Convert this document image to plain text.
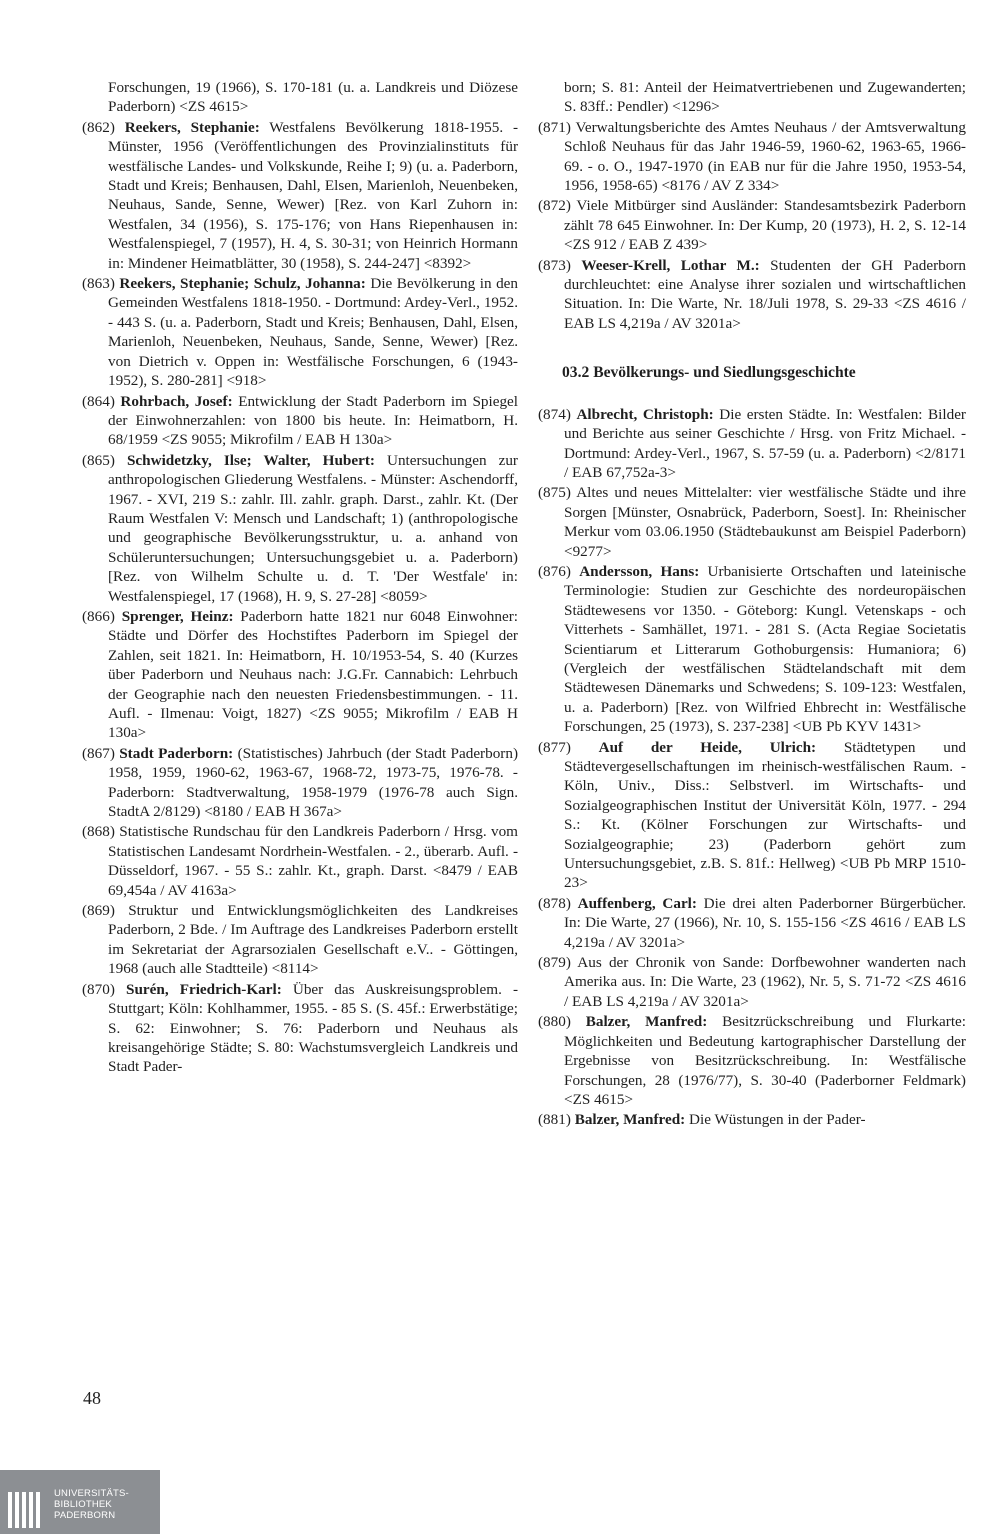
Forschungen, 19 (1966), S. 170-181 (u. a. Landkreis und Diözese Paderborn) <ZS 4615>

(862) Reekers, Stephanie: Westfalens Bevölkerung 1818-1955. - Münster, 1956 (Veröffentlichungen des Provinzialinstituts für westfälische Landes- und Volkskunde, Reihe I; 9) (u. a. Paderborn, Stadt und Kreis; Benhausen, Dahl, Elsen, Marienloh, Neuenbeken, Neuhaus, Sande, Senne, Wewer) [Rez. von Karl Zuhorn in: Westfalen, 34 (1956), S. 175-176; von Hans Riepenhausen in: Westfalenspiegel, 7 (1957), H. 4, S. 30-31; von Heinrich Hormann in: Mindener Heimatblätter, 30 (1958), S. 244-247] <8392>

(863) Reekers, Stephanie; Schulz, Johanna: Die Bevölkerung in den Gemeinden Westfalens 1818-1950. - Dortmund: Ardey-Verl., 1952. - 443 S. (u. a. Paderborn, Stadt und Kreis; Benhausen, Dahl, Elsen, Marienloh, Neuenbeken, Neuhaus, Sande, Senne, Wewer) [Rez. von Dietrich v. Oppen in: Westfälische Forschungen, 6 (1943-1952), S. 280-281] <918>

(864) Rohrbach, Josef: Entwicklung der Stadt Paderborn im Spiegel der Einwohnerzahlen: von 1800 bis heute. In: Heimatborn, H. 68/1959 <ZS 9055; Mikrofilm / EAB H 130a>

(865) Schwidetzky, Ilse; Walter, Hubert: Untersuchungen zur anthropologischen Gliederung Westfalens. - Münster: Aschendorff, 1967. - XVI, 219 S.: zahlr. Ill. zahlr. graph. Darst., zahlr. Kt. (Der Raum Westfalen V: Mensch und Landschaft; 1) (anthropologische und geographische Bevölkerungsstruktur, u. a. anhand von Schüleruntersuchungen; Untersuchungsgebiet u. a. Paderborn) [Rez. von Wilhelm Schulte u. d. T. 'Der Westfale' in: Westfalenspiegel, 17 (1968), H. 9, S. 27-28] <8059>

(866) Sprenger, Heinz: Paderborn hatte 1821 nur 6048 Einwohner: Städte und Dörfer des Hochstiftes Paderborn im Spiegel der Zahlen, seit 1821. In: Heimatborn, H. 10/1953-54, S. 40 (Kurzes über Paderborn und Neuhaus nach: J.G.Fr. Cannabich: Lehrbuch der Geographie nach den neuesten Friedensbestimmungen. - 11. Aufl. - Ilmenau: Voigt, 1827) <ZS 9055; Mikrofilm / EAB H 130a>

(867) Stadt Paderborn: (Statistisches) Jahrbuch (der Stadt Paderborn) 1958, 1959, 1960-62, 1963-67, 1968-72, 1973-75, 1976-78. - Paderborn: Stadtverwaltung, 1958-1979 (1976-78 auch Sign. StadtA 2/8129) <8180 / EAB H 367a>

(868) Statistische Rundschau für den Landkreis Paderborn / Hrsg. vom Statistischen Landesamt Nordrhein-Westfalen. - 2., überarb. Aufl. - Düsseldorf, 1967. - 55 S.: zahlr. Kt., graph. Darst. <8479 / EAB 69,454a / AV 4163a>

(869) Struktur und Entwicklungsmöglichkeiten des Landkreises Paderborn, 2 Bde. / Im Auftrage des Landkreises Paderborn erstellt im Sekretariat der Agrarsozialen Gesellschaft e.V.. - Göttingen, 1968 (auch alle Stadtteile) <8114>

(870) Surén, Friedrich-Karl: Über das Auskreisungsproblem. - Stuttgart; Köln: Kohlhammer, 1955. - 85 S. (S. 45f.: Erwerbstätige; S. 62: Einwohner; S. 76: Paderborn und Neuhaus als kreisangehörige Städte; S. 80: Wachstumsvergleich Landkreis und Stadt Pader-

born; S. 81: Anteil der Heimatvertriebenen und Zugewanderten; S. 83ff.: Pendler) <1296>

(871) Verwaltungsberichte des Amtes Neuhaus / der Amtsverwaltung Schloß Neuhaus für das Jahr 1946-59, 1960-62, 1963-65, 1966-69. - o. O., 1947-1970 (in EAB nur für die Jahre 1950, 1953-54, 1956, 1958-65) <8176 / AV Z 334>

(872) Viele Mitbürger sind Ausländer: Standesamtsbezirk Paderborn zählt 78 645 Einwohner. In: Der Kump, 20 (1973), H. 2, S. 12-14 <ZS 912 / EAB Z 439>

(873) Weeser-Krell, Lothar M.: Studenten der GH Paderborn durchleuchtet: eine Analyse ihrer sozialen und wirtschaftlichen Situation. In: Die Warte, Nr. 18/Juli 1978, S. 29-33 <ZS 4616 / EAB LS 4,219a / AV 3201a>

03.2 Bevölkerungs- und Siedlungsgeschichte

(874) Albrecht, Christoph: Die ersten Städte. In: Westfalen: Bilder und Berichte aus seiner Geschichte / Hrsg. von Fritz Michael. - Dortmund: Ardey-Verl., 1967, S. 57-59 (u. a. Paderborn) <2/8171 / EAB 67,752a-3>

(875) Altes und neues Mittelalter: vier westfälische Städte und ihre Sorgen [Münster, Osnabrück, Paderborn, Soest]. In: Rheinischer Merkur vom 03.06.1950 (Städtebaukunst am Beispiel Paderborn) <9277>

(876) Andersson, Hans: Urbanisierte Ortschaften und lateinische Terminologie: Studien zur Geschichte des nordeuropäischen Städtewesens vor 1350. - Göteborg: Kungl. Vetenskaps - och Vitterhets - Samhället, 1971. - 281 S. (Acta Regiae Societatis Scientiarum et Litterarum Gothoburgensis: Humaniora; 6) (Vergleich der westfälischen Städtelandschaft mit dem Städtewesen Dänemarks und Schwedens; S. 109-123: Westfalen, u. a. Paderborn) [Rez. von Wilfried Ehbrecht in: Westfälische Forschungen, 25 (1973), S. 237-238] <UB Pb KYV 1431>

(877) Auf der Heide, Ulrich: Städtetypen und Städtevergesellschaftungen im rheinisch-westfälischen Raum. - Köln, Univ., Diss.: Selbstverl. im Wirtschafts- und Sozialgeographischen Institut der Universität Köln, 1977. - 294 S.: Kt. (Kölner Forschungen zur Wirtschafts- und Sozialgeographie; 23) (Paderborn gehört zum Untersuchungsgebiet, z.B. S. 81f.: Hellweg) <UB Pb MRP 1510-23>

(878) Auffenberg, Carl: Die drei alten Paderborner Bürgerbücher. In: Die Warte, 27 (1966), Nr. 10, S. 155-156 <ZS 4616 / EAB LS 4,219a / AV 3201a>

(879) Aus der Chronik von Sande: Dorfbewohner wanderten nach Amerika aus. In: Die Warte, 23 (1962), Nr. 5, S. 71-72 <ZS 4616 / EAB LS 4,219a / AV 3201a>

(880) Balzer, Manfred: Besitzrückschreibung und Flurkarte: Möglichkeiten und Bedeutung kartographischer Darstellung der Ergebnisse von Besitzrückschreibung. In: Westfälische Forschungen, 28 (1976/77), S. 30-40 (Paderborner Feldmark) <ZS 4615>

(881) Balzer, Manfred: Die Wüstungen in der Pader-

48
UNIVERSITÄTS-
BIBLIOTHEK
PADERBORN
